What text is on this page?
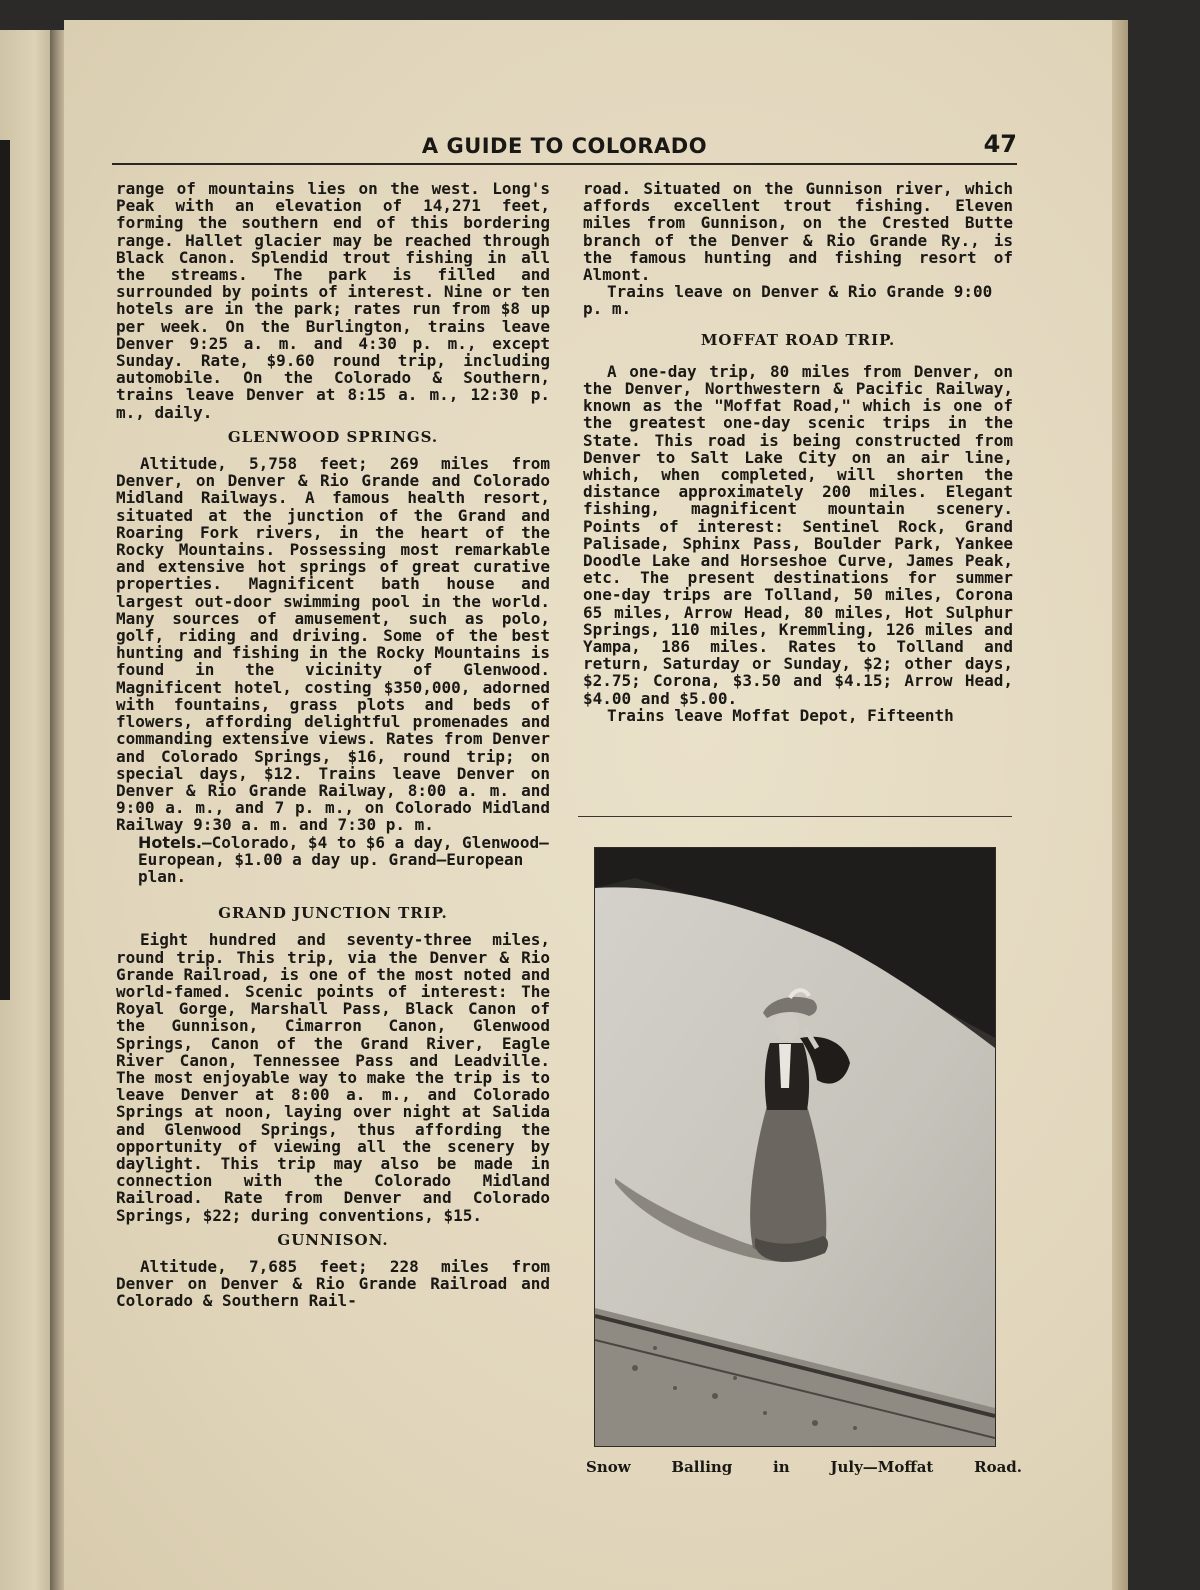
A GUIDE TO COLORADO	47

range of mountains lies on the west. Long's Peak with an elevation of 14,271 feet, forming the southern end of this bordering range. Hallet glacier may be reached through Black Canon. Splendid trout fishing in all the streams. The park is filled and surrounded by points of interest. Nine or ten hotels are in the park; rates run from $8 up per week. On the Burlington, trains leave Denver 9:25 a. m. and 4:30 p. m., except Sunday. Rate, $9.60 round trip, including automobile. On the Colorado & Southern, trains leave Denver at 8:15 a. m., 12:30 p. m., daily.

GLENWOOD SPRINGS.

Altitude, 5,758 feet; 269 miles from Denver, on Denver & Rio Grande and Colorado Midland Railways. A famous health resort, situated at the junction of the Grand and Roaring Fork rivers, in the heart of the Rocky Mountains. Possessing most remarkable and extensive hot springs of great curative properties. Magnificent bath house and largest out-door swimming pool in the world. Many sources of amusement, such as polo, golf, riding and driving. Some of the best hunting and fishing in the Rocky Mountains is found in the vicinity of Glenwood. Magnificent hotel, costing $350,000, adorned with fountains, grass plots and beds of flowers, affording delightful promenades and commanding extensive views. Rates from Denver and Colorado Springs, $16, round trip; on special days, $12. Trains leave Denver on Denver & Rio Grande Railway, 8:00 a. m. and 9:00 a. m., and 7 p. m., on Colorado Midland Railway 9:30 a. m. and 7:30 p. m.

Hotels.—Colorado, $4 to $6 a day, Glenwood—European, $1.00 a day up. Grand—European plan.

GRAND JUNCTION TRIP.

Eight hundred and seventy-three miles, round trip. This trip, via the Denver & Rio Grande Railroad, is one of the most noted and world-famed. Scenic points of interest: The Royal Gorge, Marshall Pass, Black Canon of the Gunnison, Cimarron Canon, Glenwood Springs, Canon of the Grand River, Eagle River Canon, Tennessee Pass and Leadville. The most enjoyable way to make the trip is to leave Denver at 8:00 a. m., and Colorado Springs at noon, laying over night at Salida and Glenwood Springs, thus affording the opportunity of viewing all the scenery by daylight. This trip may also be made in connection with the Colorado Midland Railroad. Rate from Denver and Colorado Springs, $22; during conventions, $15.

GUNNISON.

Altitude, 7,685 feet; 228 miles from Denver on Denver & Rio Grande Railroad and Colorado & Southern Rail-

road. Situated on the Gunnison river, which affords excellent trout fishing. Eleven miles from Gunnison, on the Crested Butte branch of the Denver & Rio Grande Ry., is the famous hunting and fishing resort of Almont.

Trains leave on Denver & Rio Grande 9:00 p. m.

MOFFAT ROAD TRIP.

A one-day trip, 80 miles from Denver, on the Denver, Northwestern & Pacific Railway, known as the "Moffat Road," which is one of the greatest one-day scenic trips in the State. This road is being constructed from Denver to Salt Lake City on an air line, which, when completed, will shorten the distance approximately 200 miles. Elegant fishing, magnificent mountain scenery. Points of interest: Sentinel Rock, Grand Palisade, Sphinx Pass, Boulder Park, Yankee Doodle Lake and Horseshoe Curve, James Peak, etc. The present destinations for summer one-day trips are Tolland, 50 miles, Corona 65 miles, Arrow Head, 80 miles, Hot Sulphur Springs, 110 miles, Kremmling, 126 miles and Yampa, 186 miles. Rates to Tolland and return, Saturday or Sunday, $2; other days, $2.75; Corona, $3.50 and $4.15; Arrow Head, $4.00 and $5.00.

Trains leave Moffat Depot, Fifteenth

Snow Balling in July—Moffat Road.
